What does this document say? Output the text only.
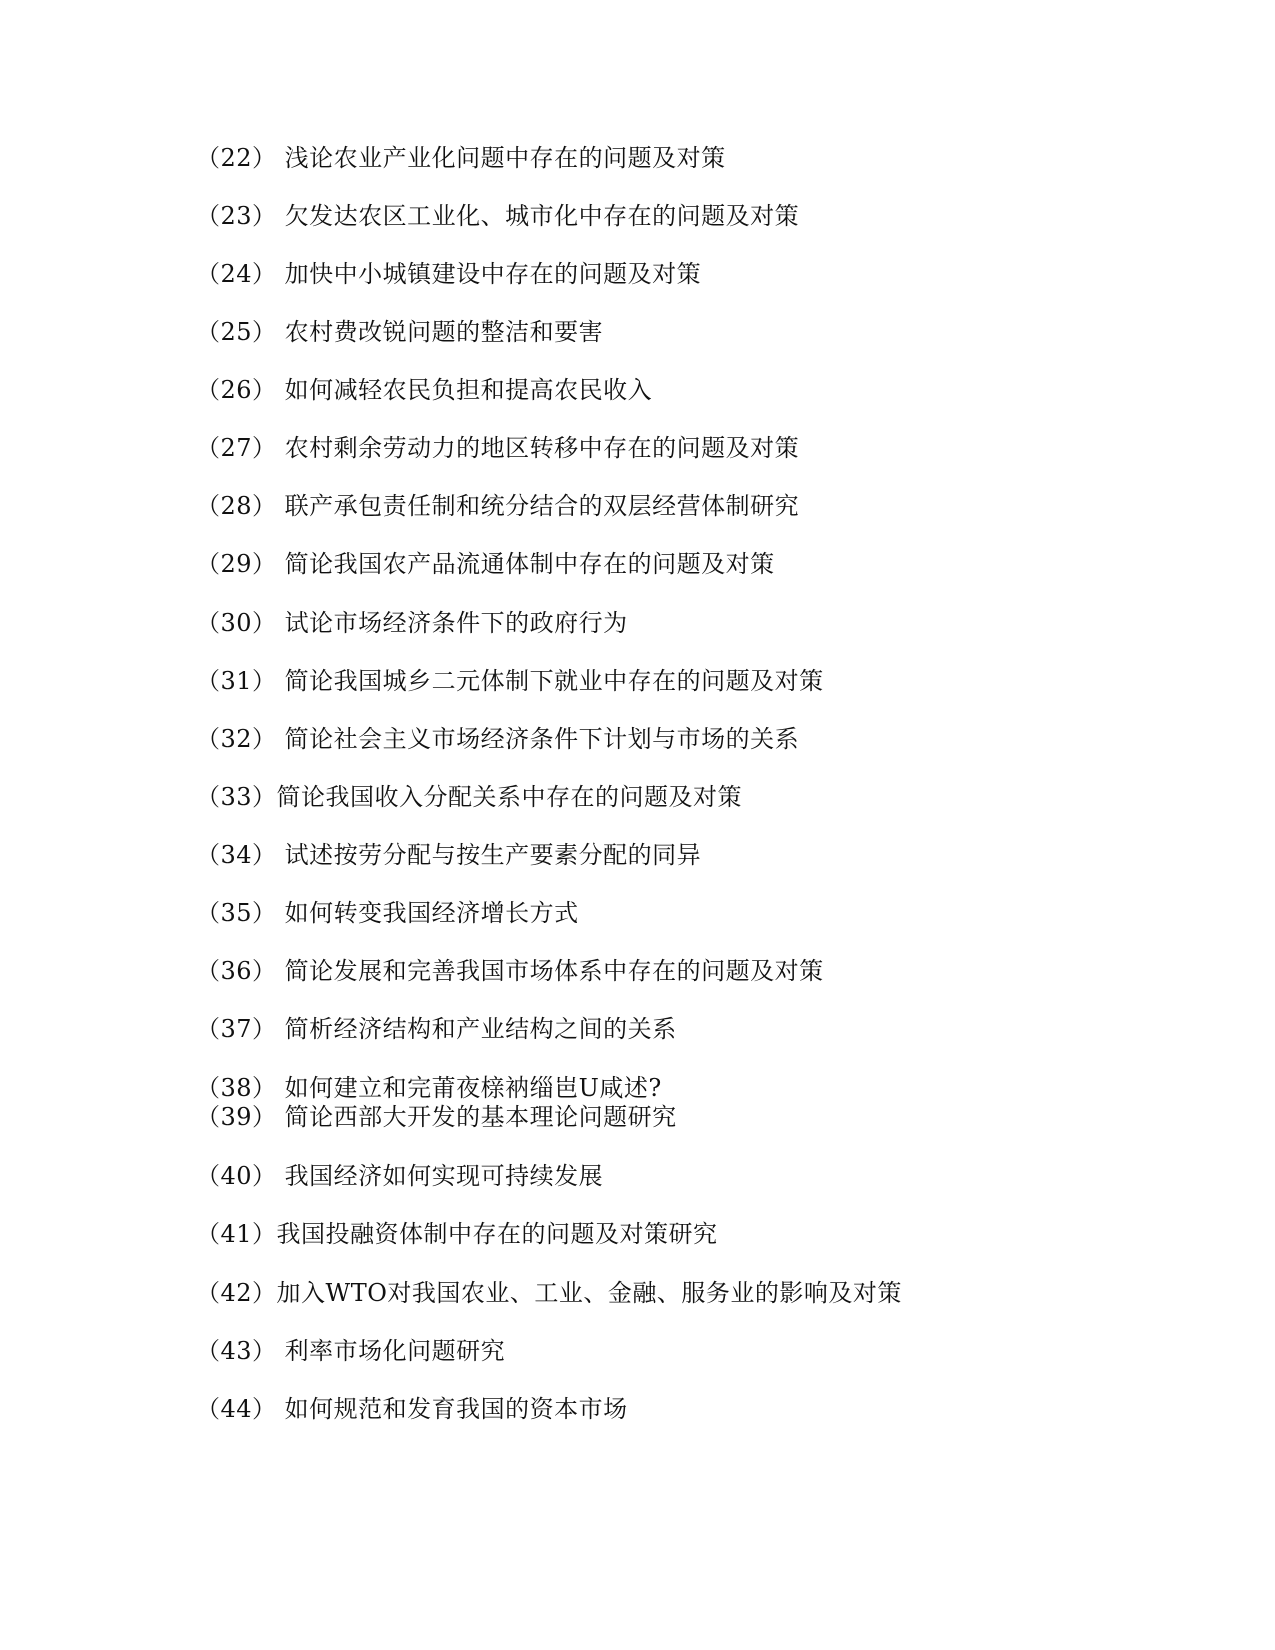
（22） 浅论农业产业化问题中存在的问题及对策
（23） 欠发达农区工业化、城市化中存在的问题及对策
（24） 加快中小城镇建设中存在的问题及对策
（25） 农村费改锐问题的整洁和要害
（26） 如何减轻农民负担和提高农民收入
（27） 农村剩余劳动力的地区转移中存在的问题及对策
（28） 联产承包责任制和统分结合的双层经营体制研究
（29） 简论我国农产品流通体制中存在的问题及对策
（30） 试论市场经济条件下的政府行为
（31） 简论我国城乡二元体制下就业中存在的问题及对策
（32） 简论社会主义市场经济条件下计划与市场的关系
（33）简论我国收入分配关系中存在的问题及对策
（34） 试述按劳分配与按生产要素分配的同异
（35） 如何转变我国经济增长方式
（36） 简论发展和完善我国市场体系中存在的问题及对策
（37） 简析经济结构和产业结构之间的关系
（38） 如何建立和完莆夜榇衲缁岜U咸述?
（39） 简论西部大开发的基本理论问题研究
（40） 我国经济如何实现可持续发展
（41）我国投融资体制中存在的问题及对策研究
（42）加入WTO对我国农业、工业、金融、服务业的影响及对策
（43） 利率市场化问题研究
（44） 如何规范和发育我国的资本市场
